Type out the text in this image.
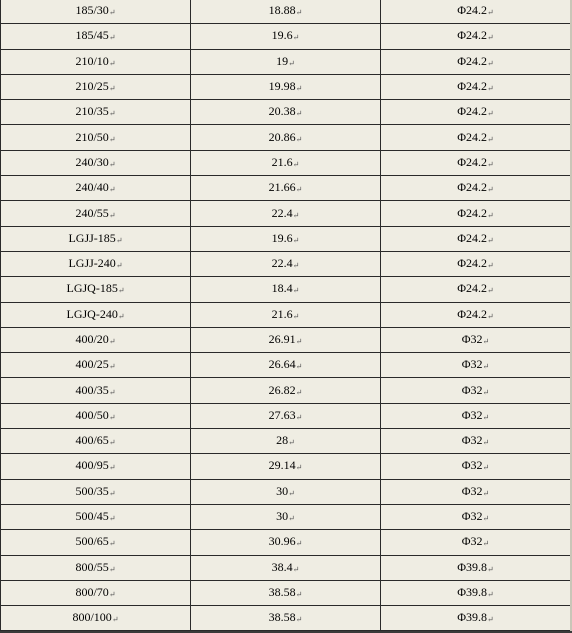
185/30↵	18.88↵	Φ24.2↵
185/45↵	19.6↵	Φ24.2↵
210/10↵	19↵	Φ24.2↵
210/25↵	19.98↵	Φ24.2↵
210/35↵	20.38↵	Φ24.2↵
210/50↵	20.86↵	Φ24.2↵
240/30↵	21.6↵	Φ24.2↵
240/40↵	21.66↵	Φ24.2↵
240/55↵	22.4↵	Φ24.2↵
LGJJ-185↵	19.6↵	Φ24.2↵
LGJJ-240↵	22.4↵	Φ24.2↵
LGJQ-185↵	18.4↵	Φ24.2↵
LGJQ-240↵	21.6↵	Φ24.2↵
400/20↵	26.91↵	Φ32↵
400/25↵	26.64↵	Φ32↵
400/35↵	26.82↵	Φ32↵
400/50↵	27.63↵	Φ32↵
400/65↵	28↵	Φ32↵
400/95↵	29.14↵	Φ32↵
500/35↵	30↵	Φ32↵
500/45↵	30↵	Φ32↵
500/65↵	30.96↵	Φ32↵
800/55↵	38.4↵	Φ39.8↵
800/70↵	38.58↵	Φ39.8↵
800/100↵	38.58↵	Φ39.8↵
